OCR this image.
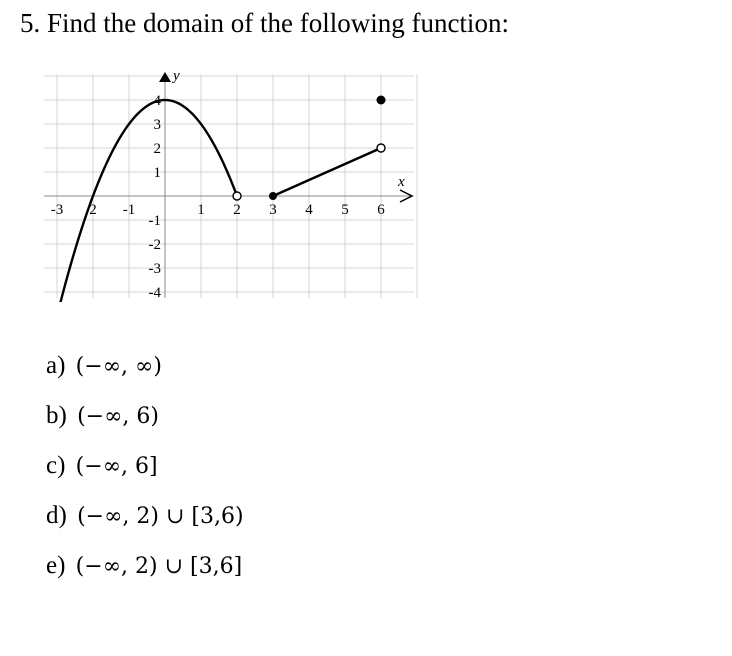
5. Find the domain of the following function:
x
y
-3 2 -1	1 2 3 4 5 6
4
3
2
1
-1
-2
-3
-4
a) (−∞, ∞)
b) (−∞, 6)
c) (−∞, 6]
d) (−∞, 2) ∪ [3,6)
e) (−∞, 2) ∪ [3,6]
